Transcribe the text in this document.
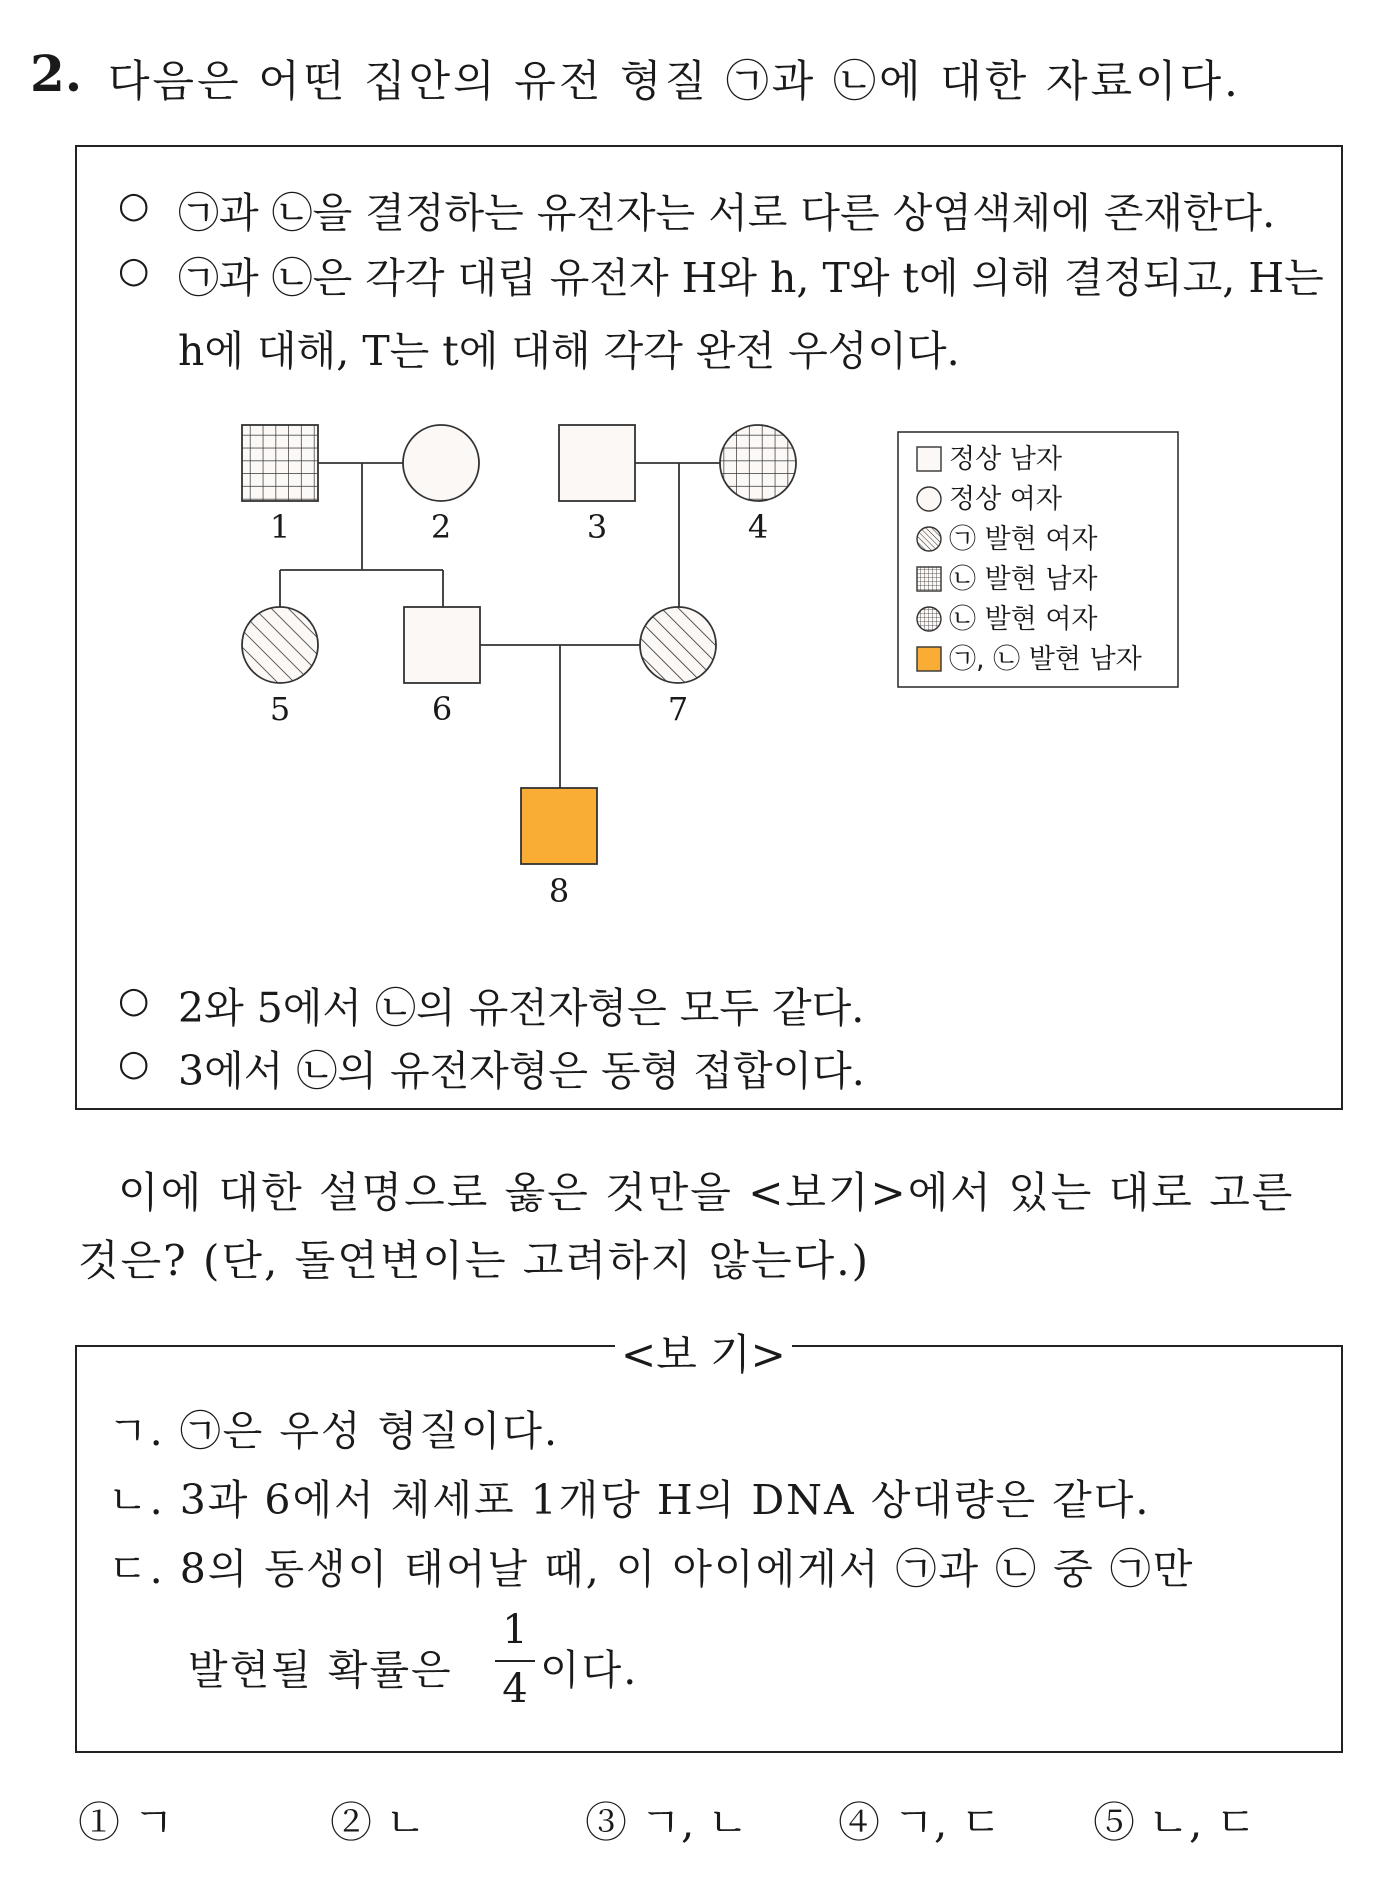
2. 다음은 어떤 집안의 유전 형질 ㉠과 ㉡에 대한 자료이다.
○ ㉠과 ㉡을 결정하는 유전자는 서로 다른 상염색체에 존재한다.
○ ㉠과 ㉡은 각각 대립 유전자 H와 h, T와 t에 의해 결정되고, H는
h에 대해, T는 t에 대해 각각 완전 우성이다.
1	2	3	4
5	6	7
8
정상 남자
정상 여자
㉠ 발현 여자
㉡ 발현 남자
㉡ 발현 여자
㉠, ㉡ 발현 남자
○ 2와 5에서 ㉡의 유전자형은 모두 같다.
○ 3에서 ㉡의 유전자형은 동형 접합이다.
이에 대한 설명으로 옳은 것만을 <보기>에서 있는 대로 고른
것은? (단, 돌연변이는 고려하지 않는다.)
<보 기>
ㄱ. ㉠은 우성 형질이다.
ㄴ. 3과 6에서 체세포 1개당 H의 DNA 상대량은 같다.
ㄷ. 8의 동생이 태어날 때, 이 아이에게서 ㉠과 ㉡ 중 ㉠만
발현될 확률은
1
4 이다.
① ㄱ	② ㄴ	③ ㄱ, ㄴ ④ ㄱ, ㄷ ⑤ ㄴ, ㄷ
